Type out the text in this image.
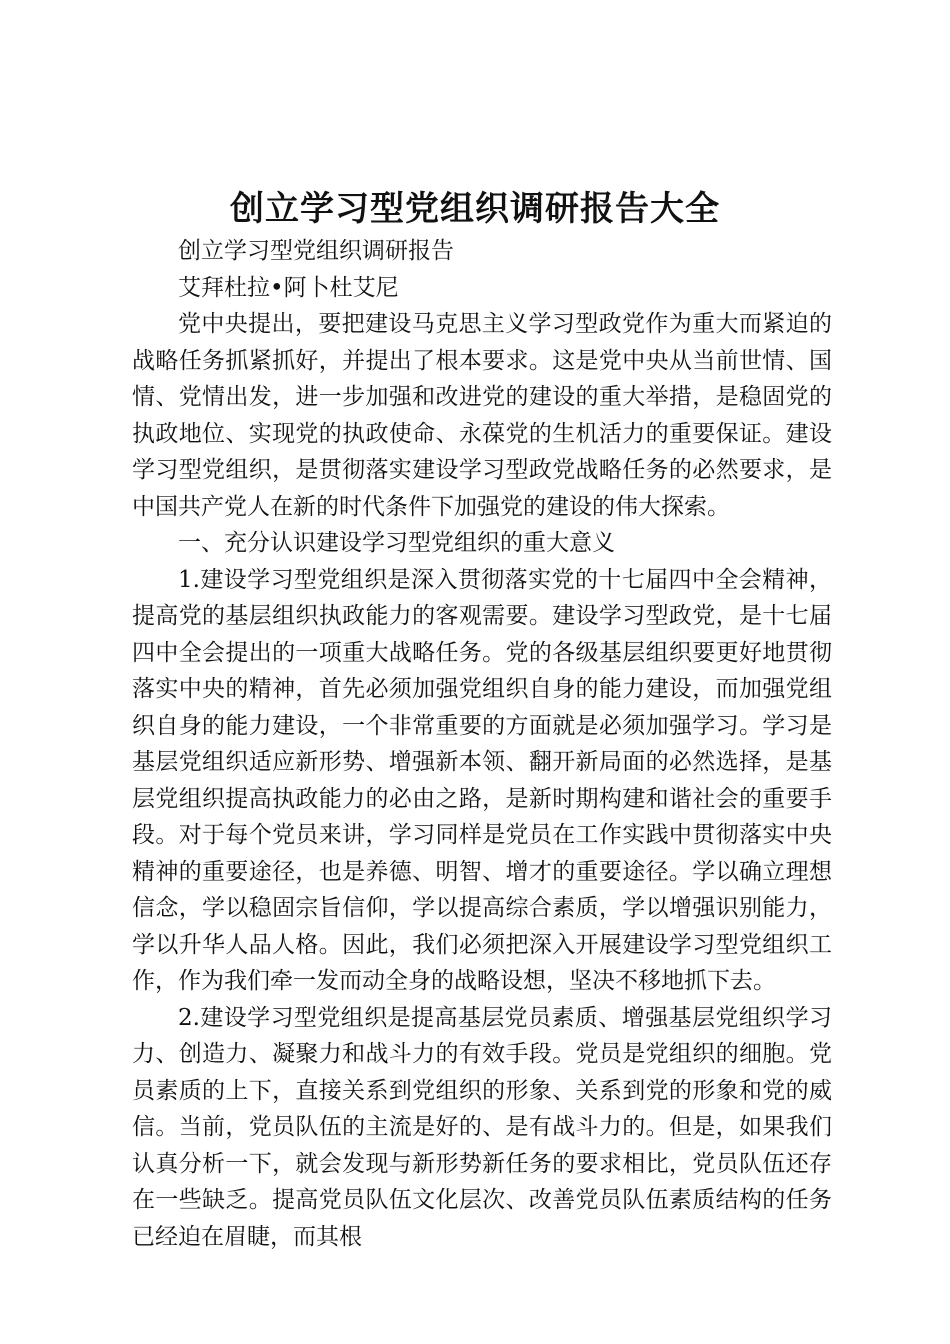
创立学习型党组织调研报告大全

创立学习型党组织调研报告

艾拜杜拉•阿卜杜艾尼

党中央提出，要把建设马克思主义学习型政党作为重大而紧迫的战略任务抓紧抓好，并提出了根本要求。这是党中央从当前世情、国情、党情出发，进一步加强和改进党的建设的重大举措，是稳固党的执政地位、实现党的执政使命、永葆党的生机活力的重要保证。建设学习型党组织，是贯彻落实建设学习型政党战略任务的必然要求，是中国共产党人在新的时代条件下加强党的建设的伟大探索。

一、充分认识建设学习型党组织的重大意义

1.建设学习型党组织是深入贯彻落实党的十七届四中全会精神，提高党的基层组织执政能力的客观需要。建设学习型政党，是十七届四中全会提出的一项重大战略任务。党的各级基层组织要更好地贯彻落实中央的精神，首先必须加强党组织自身的能力建设，而加强党组织自身的能力建设，一个非常重要的方面就是必须加强学习。学习是基层党组织适应新形势、增强新本领、翻开新局面的必然选择，是基层党组织提高执政能力的必由之路，是新时期构建和谐社会的重要手段。对于每个党员来讲，学习同样是党员在工作实践中贯彻落实中央精神的重要途径，也是养德、明智、增才的重要途径。学以确立理想信念，学以稳固宗旨信仰，学以提高综合素质，学以增强识别能力，学以升华人品人格。因此，我们必须把深入开展建设学习型党组织工作，作为我们牵一发而动全身的战略设想，坚决不移地抓下去。

2.建设学习型党组织是提高基层党员素质、增强基层党组织学习力、创造力、凝聚力和战斗力的有效手段。党员是党组织的细胞。党员素质的上下，直接关系到党组织的形象、关系到党的形象和党的威信。当前，党员队伍的主流是好的、是有战斗力的。但是，如果我们认真分析一下，就会发现与新形势新任务的要求相比，党员队伍还存在一些缺乏。提高党员队伍文化层次、改善党员队伍素质结构的任务已经迫在眉睫，而其根
